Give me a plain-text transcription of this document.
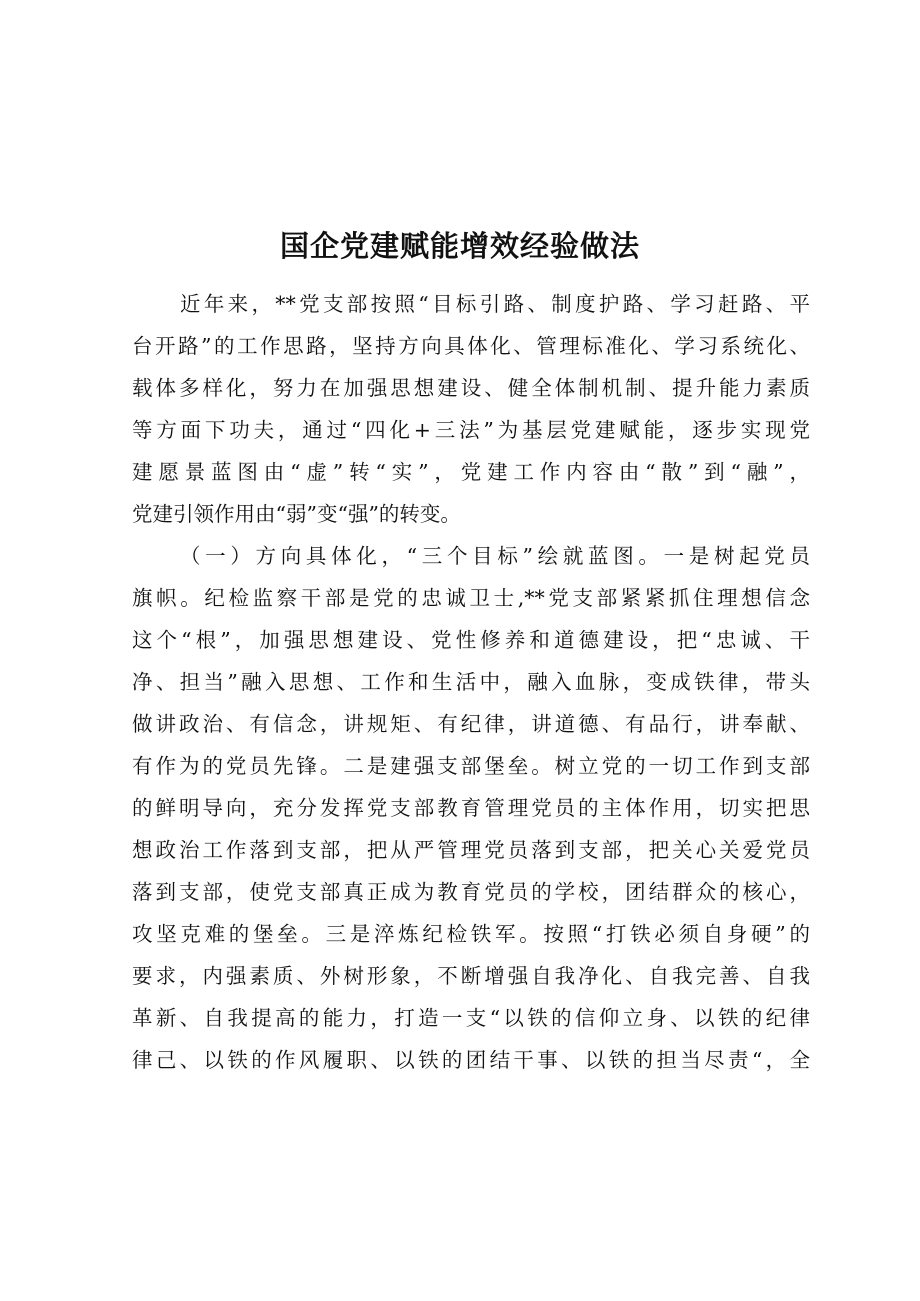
国企党建赋能增效经验做法
近年来，**党支部按照“目标引路、制度护路、学习赶路、平
台开路”的工作思路，坚持方向具体化、管理标准化、学习系统化、
载体多样化，努力在加强思想建设、健全体制机制、提升能力素质
等方面下功夫，通过“四化+三法”为基层党建赋能，逐步实现党
建愿景蓝图由“虚”转“实”，党建工作内容由“散”到“融”，
党建引领作用由“弱”变“强”的转变。
（一）方向具体化，“三个目标”绘就蓝图。一是树起党员
旗帜。纪检监察干部是党的忠诚卫士,**党支部紧紧抓住理想信念
这个“根”，加强思想建设、党性修养和道德建设，把“忠诚、干
净、担当”融入思想、工作和生活中，融入血脉，变成铁律，带头
做讲政治、有信念，讲规矩、有纪律，讲道德、有品行，讲奉献、
有作为的党员先锋。二是建强支部堡垒。树立党的一切工作到支部
的鲜明导向，充分发挥党支部教育管理党员的主体作用，切实把思
想政治工作落到支部，把从严管理党员落到支部，把关心关爱党员
落到支部，使党支部真正成为教育党员的学校，团结群众的核心，
攻坚克难的堡垒。三是淬炼纪检铁军。按照“打铁必须自身硬”的
要求，内强素质、外树形象，不断增强自我净化、自我完善、自我
革新、自我提高的能力，打造一支“以铁的信仰立身、以铁的纪律
律己、以铁的作风履职、以铁的团结干事、以铁的担当尽责“，全
